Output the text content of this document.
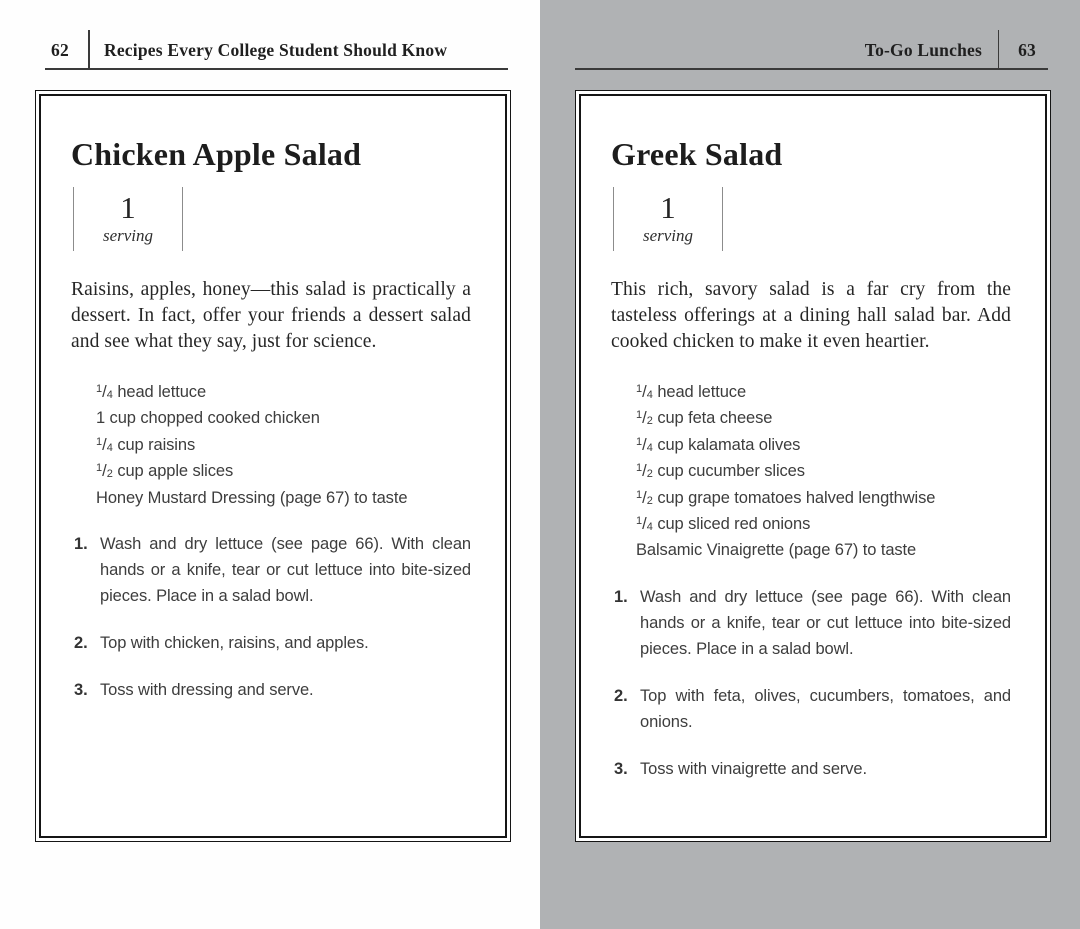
62 Recipes Every College Student Should Know
Chicken Apple Salad
1
serving
Raisins, apples, honey—this salad is practically a dessert. In fact, offer your friends a dessert salad and see what they say, just for science.
$^1/_4$ head lettuce
1 cup chopped cooked chicken
$^1/_4$ cup raisins
$^1/_2$ cup apple slices
Honey Mustard Dressing (page 67) to taste
1. Wash and dry lettuce (see page 66). With clean hands or a knife, tear or cut lettuce into bite-sized pieces. Place in a salad bowl.
2. Top with chicken, raisins, and apples.
3. Toss with dressing and serve.
To-Go Lunches 63
Greek Salad
1
serving
This rich, savory salad is a far cry from the tasteless offerings at a dining hall salad bar. Add cooked chicken to make it even heartier.
$^1/_4$ head lettuce
$^1/_2$ cup feta cheese
$^1/_4$ cup kalamata olives
$^1/_2$ cup cucumber slices
$^1/_2$ cup grape tomatoes halved lengthwise
$^1/_4$ cup sliced red onions
Balsamic Vinaigrette (page 67) to taste
1. Wash and dry lettuce (see page 66). With clean hands or a knife, tear or cut lettuce into bite-sized pieces. Place in a salad bowl.
2. Top with feta, olives, cucumbers, tomatoes, and onions.
3. Toss with vinaigrette and serve.
